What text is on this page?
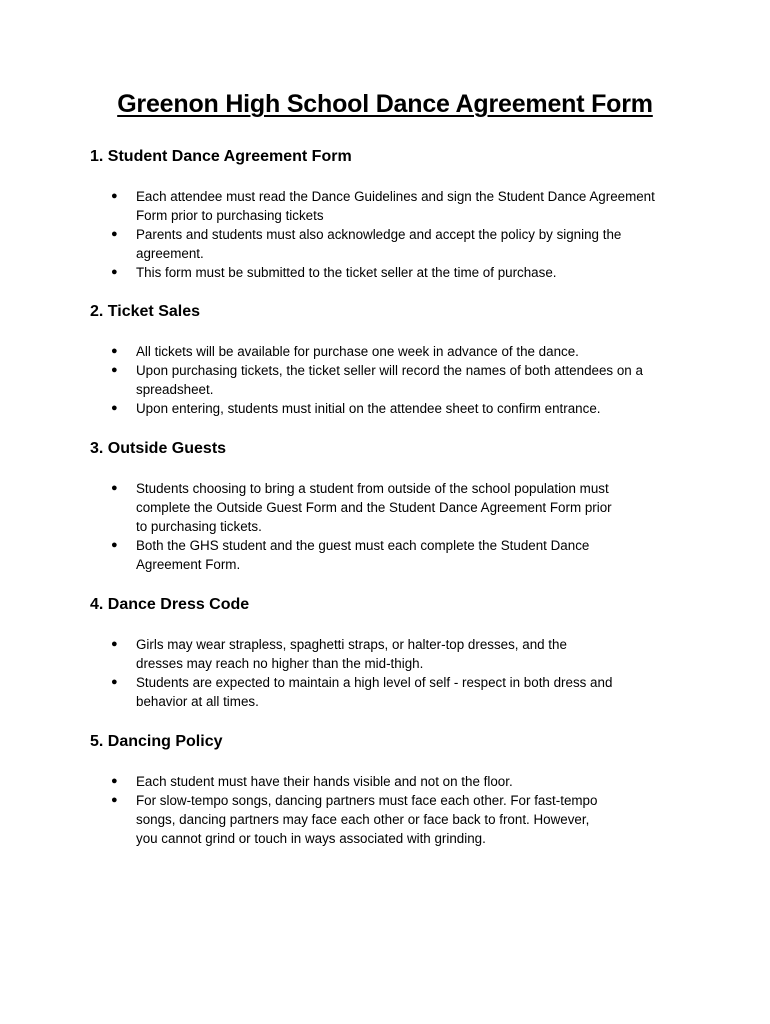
Greenon High School Dance Agreement Form
1. Student Dance Agreement Form
● Each attendee must read the Dance Guidelines and sign the Student Dance Agreement
Form prior to purchasing tickets
● Parents and students must also acknowledge and accept the policy by signing the
agreement.
● This form must be submitted to the ticket seller at the time of purchase.
2. Ticket Sales
● All tickets will be available for purchase one week in advance of the dance.
● Upon purchasing tickets, the ticket seller will record the names of both attendees on a
spreadsheet.
● Upon entering, students must initial on the attendee sheet to confirm entrance.
3. Outside Guests
● Students choosing to bring a student from outside of the school population must
complete the Outside Guest Form and the Student Dance Agreement Form prior
to purchasing tickets.
● Both the GHS student and the guest must each complete the Student Dance
Agreement Form.
4. Dance Dress Code
● Girls may wear strapless, spaghetti straps, or halter-top dresses, and the
dresses may reach no higher than the mid-thigh.
● Students are expected to maintain a high level of self - respect in both dress and
behavior at all times.
5. Dancing Policy
● Each student must have their hands visible and not on the floor.
● For slow-tempo songs, dancing partners must face each other. For fast-tempo
songs, dancing partners may face each other or face back to front. However,
you cannot grind or touch in ways associated with grinding.
